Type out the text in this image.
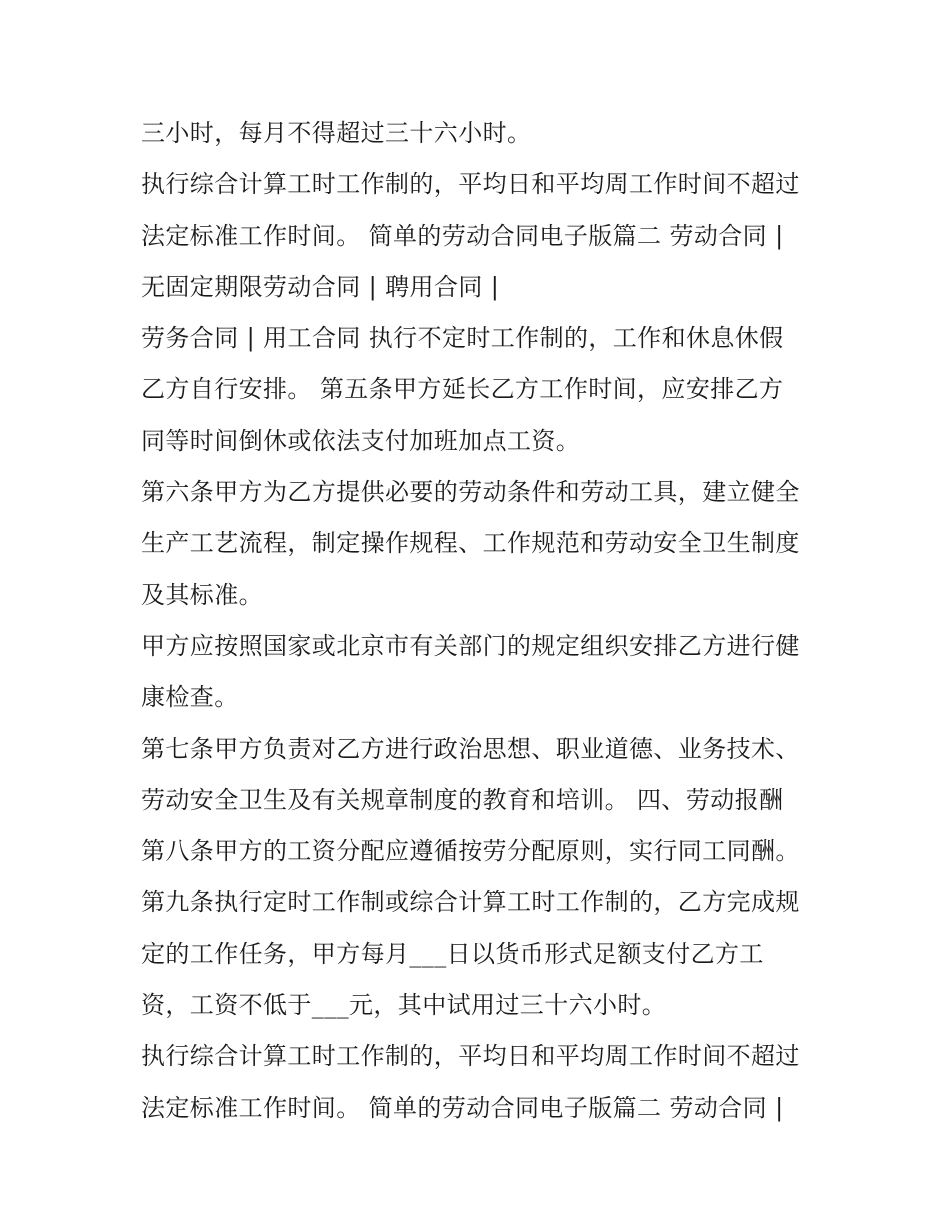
三小时，每月不得超过三十六小时。
执行综合计算工时工作制的，平均日和平均周工作时间不超过
法定标准工作时间。 简单的劳动合同电子版篇二 劳动合同 |
无固定期限劳动合同 | 聘用合同 |
劳务合同 | 用工合同 执行不定时工作制的，工作和休息休假
乙方自行安排。 第五条甲方延长乙方工作时间，应安排乙方
同等时间倒休或依法支付加班加点工资。
第六条甲方为乙方提供必要的劳动条件和劳动工具，建立健全
生产工艺流程，制定操作规程、工作规范和劳动安全卫生制度
及其标准。
甲方应按照国家或北京市有关部门的规定组织安排乙方进行健
康检查。
第七条甲方负责对乙方进行政治思想、职业道德、业务技术、
劳动安全卫生及有关规章制度的教育和培训。 四、劳动报酬
第八条甲方的工资分配应遵循按劳分配原则，实行同工同酬。
第九条执行定时工作制或综合计算工时工作制的，乙方完成规
定的工作任务，甲方每月___日以货币形式足额支付乙方工
资，工资不低于___元，其中试用过三十六小时。
执行综合计算工时工作制的，平均日和平均周工作时间不超过
法定标准工作时间。 简单的劳动合同电子版篇二 劳动合同 |
